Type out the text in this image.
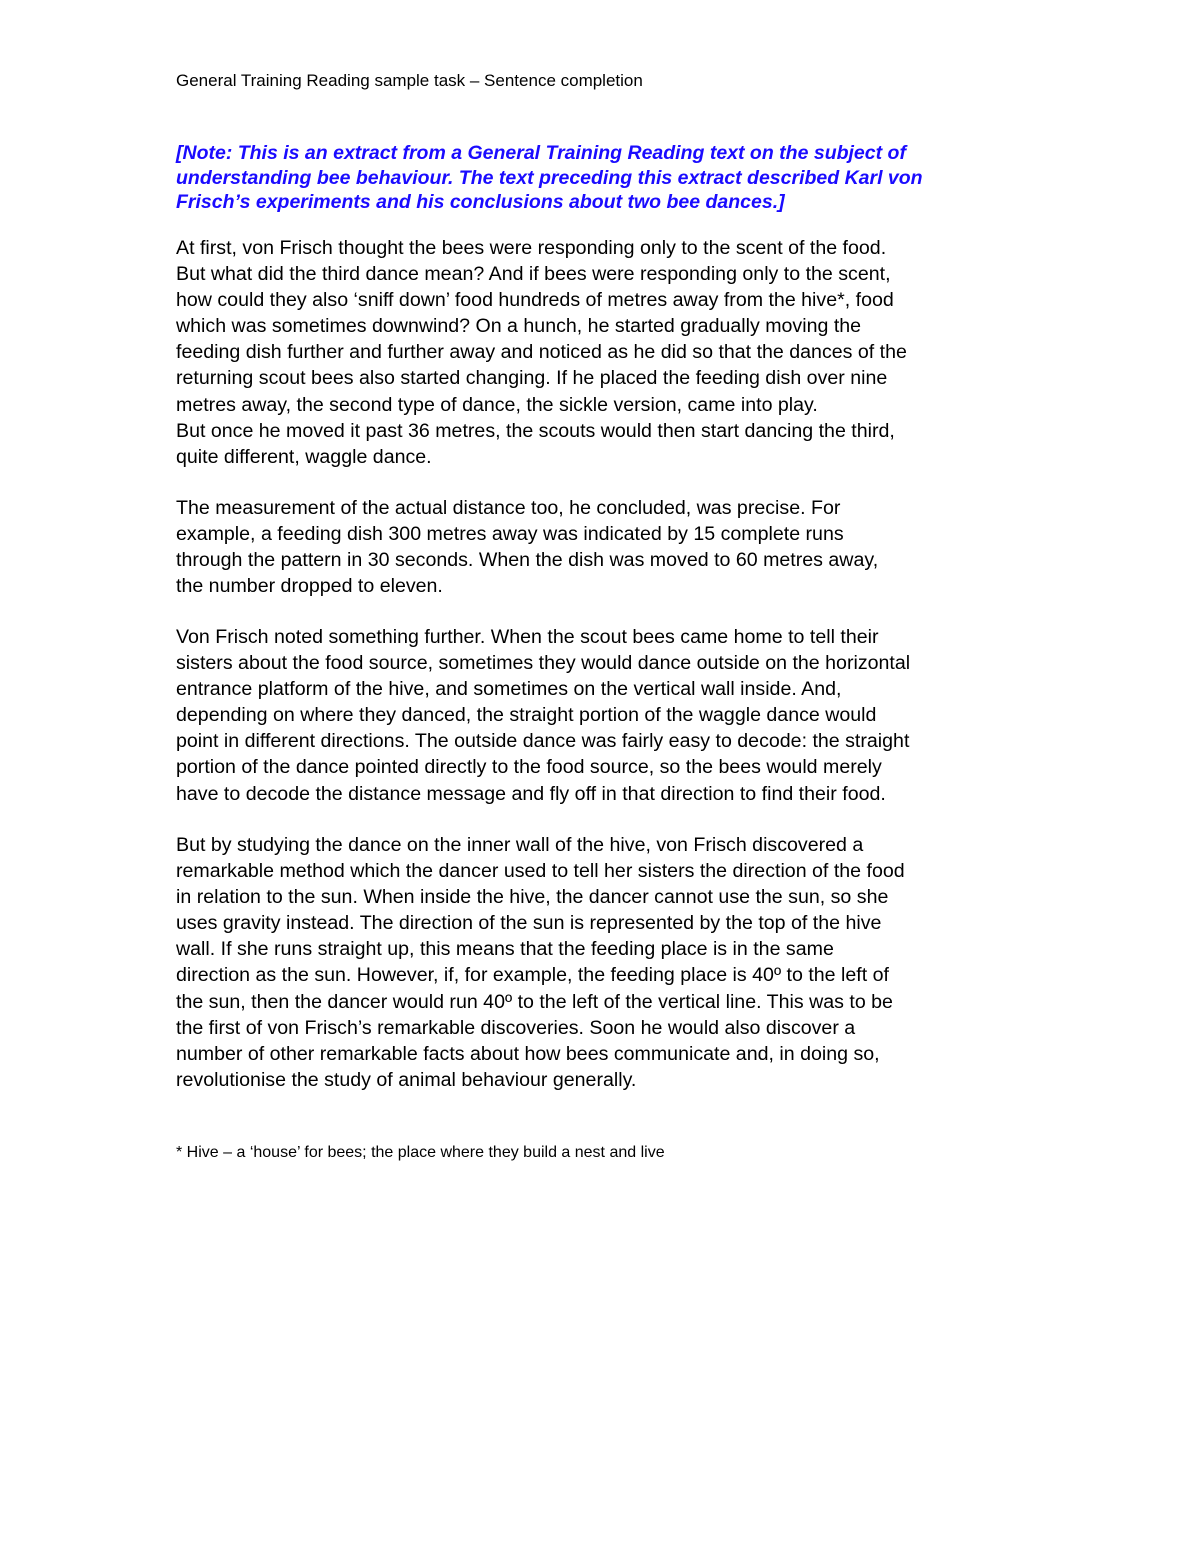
General Training Reading sample task – Sentence completion
[Note: This is an extract from a General Training Reading text on the subject of
understanding bee behaviour. The text preceding this extract described Karl von
Frisch’s experiments and his conclusions about two bee dances.]
At first, von Frisch thought the bees were responding only to the scent of the food.
But what did the third dance mean? And if bees were responding only to the scent,
how could they also ‘sniff down’ food hundreds of metres away from the hive*, food
which was sometimes downwind? On a hunch, he started gradually moving the
feeding dish further and further away and noticed as he did so that the dances of the
returning scout bees also started changing. If he placed the feeding dish over nine
metres away, the second type of dance, the sickle version, came into play.
But once he moved it past 36 metres, the scouts would then start dancing the third,
quite different, waggle dance.
The measurement of the actual distance too, he concluded, was precise. For
example, a feeding dish 300 metres away was indicated by 15 complete runs
through the pattern in 30 seconds. When the dish was moved to 60 metres away,
the number dropped to eleven.
Von Frisch noted something further. When the scout bees came home to tell their
sisters about the food source, sometimes they would dance outside on the horizontal
entrance platform of the hive, and sometimes on the vertical wall inside. And,
depending on where they danced, the straight portion of the waggle dance would
point in different directions. The outside dance was fairly easy to decode: the straight
portion of the dance pointed directly to the food source, so the bees would merely
have to decode the distance message and fly off in that direction to find their food.
But by studying the dance on the inner wall of the hive, von Frisch discovered a
remarkable method which the dancer used to tell her sisters the direction of the food
in relation to the sun. When inside the hive, the dancer cannot use the sun, so she
uses gravity instead. The direction of the sun is represented by the top of the hive
wall. If she runs straight up, this means that the feeding place is in the same
direction as the sun. However, if, for example, the feeding place is 40º to the left of
the sun, then the dancer would run 40º to the left of the vertical line. This was to be
the first of von Frisch’s remarkable discoveries. Soon he would also discover a
number of other remarkable facts about how bees communicate and, in doing so,
revolutionise the study of animal behaviour generally.
* Hive – a ‘house’ for bees; the place where they build a nest and live
